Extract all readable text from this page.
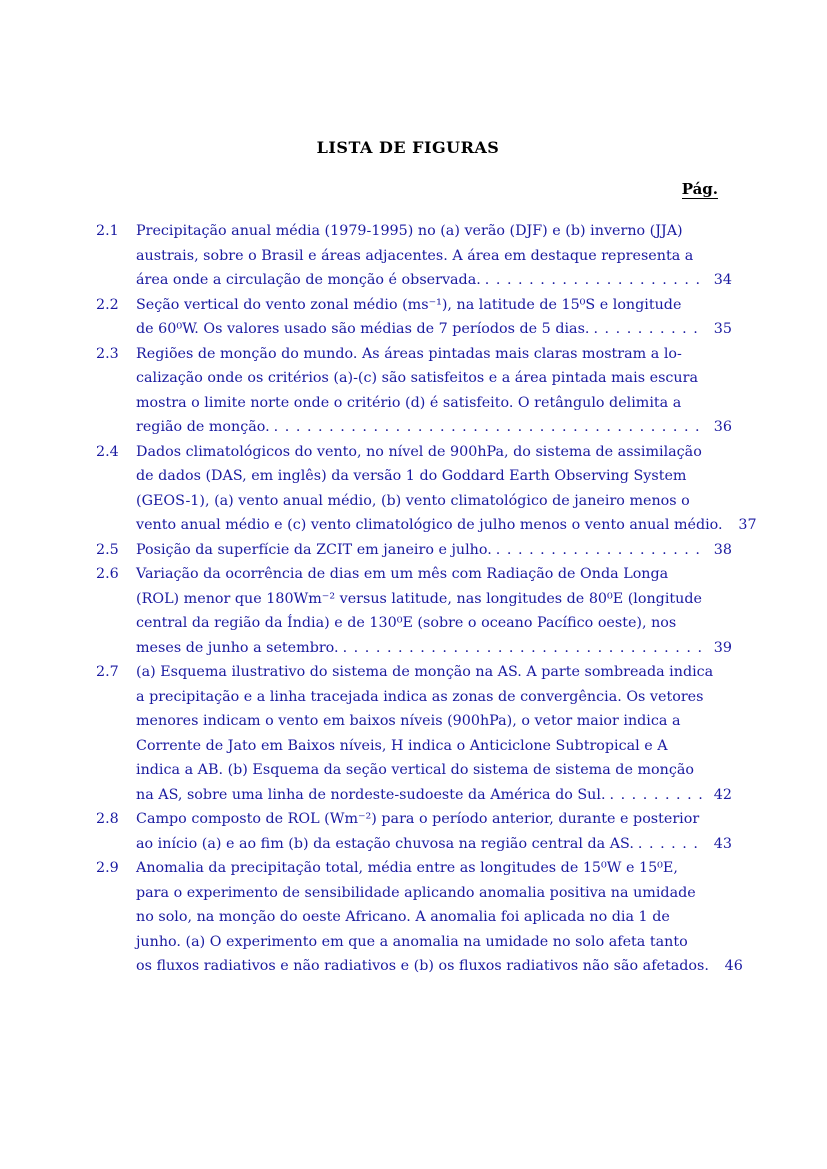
LISTA DE FIGURAS
Pág.
2.1	Precipitação anual média (1979-1995) no (a) verão (DJF) e (b) inverno (JJA)
austrais, sobre o Brasil e áreas adjacentes. A área em destaque representa a
área onde a circulação de monção é observada. . . .	34
2.2	Seção vertical do vento zonal médio (ms⁻¹), na latitude de 15⁰S e longitude
de 60⁰W. Os valores usado são médias de 7 períodos de 5 dias. . . .	35
2.3	Regiões de monção do mundo. As áreas pintadas mais claras mostram a lo-
calização onde os critérios (a)-(c) são satisfeitos e a área pintada mais escura
mostra o limite norte onde o critério (d) é satisfeito. O retângulo delimita a
região de monção. . . .	36
2.4	Dados climatológicos do vento, no nível de 900hPa, do sistema de assimilação
de dados (DAS, em inglês) da versão 1 do Goddard Earth Observing System
(GEOS-1), (a) vento anual médio, (b) vento climatológico de janeiro menos o
vento anual médio e (c) vento climatológico de julho menos o vento anual médio.	37
2.5	Posição da superfície da ZCIT em janeiro e julho. . . .	38
2.6	Variação da ocorrência de dias em um mês com Radiação de Onda Longa
(ROL) menor que 180Wm⁻² versus latitude, nas longitudes de 80⁰E (longitude
central da região da Índia) e de 130⁰E (sobre o oceano Pacífico oeste), nos
meses de junho a setembro. . . .	39
2.7	(a) Esquema ilustrativo do sistema de monção na AS. A parte sombreada indica
a precipitação e a linha tracejada indica as zonas de convergência. Os vetores
menores indicam o vento em baixos níveis (900hPa), o vetor maior indica a
Corrente de Jato em Baixos níveis, H indica o Anticiclone Subtropical e A
indica a AB. (b) Esquema da seção vertical do sistema de sistema de monção
na AS, sobre uma linha de nordeste-sudoeste da América do Sul. . . .	42
2.8	Campo composto de ROL (Wm⁻²) para o período anterior, durante e posterior
ao início (a) e ao fim (b) da estação chuvosa na região central da AS. . . .	43
2.9	Anomalia da precipitação total, média entre as longitudes de 15⁰W e 15⁰E,
para o experimento de sensibilidade aplicando anomalia positiva na umidade
no solo, na monção do oeste Africano. A anomalia foi aplicada no dia 1 de
junho. (a) O experimento em que a anomalia na umidade no solo afeta tanto
os fluxos radiativos e não radiativos e (b) os fluxos radiativos não são afetados.	46
